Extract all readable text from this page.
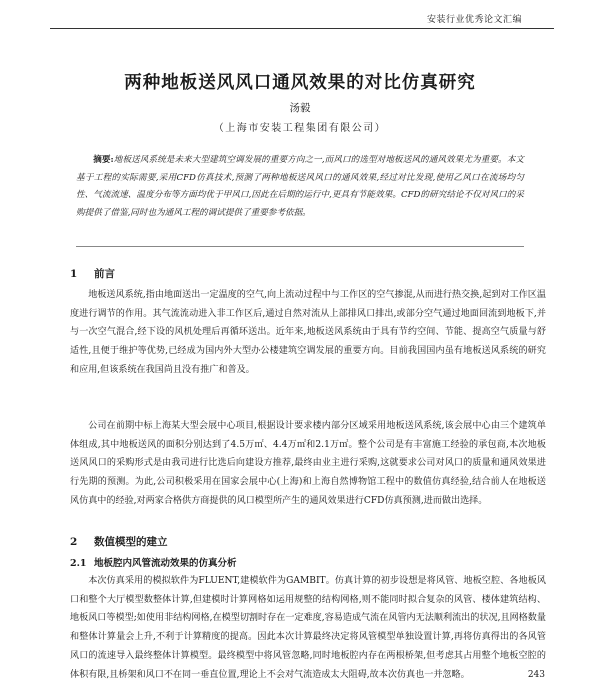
安装行业优秀论文汇编
两种地板送风风口通风效果的对比仿真研究
汤毅
（上海市安装工程集团有限公司）
摘要:地板送风系统是未来大型建筑空调发展的重要方向之一,而风口的选型对地板送风的通风效果尤为重要。本文基于工程的实际需要,采用CFD仿真技术,预测了两种地板送风风口的通风效果,经过对比发现,使用乙风口在流场均匀性、气流流速、温度分布等方面均优于甲风口,因此在后期的运行中,更具有节能效果。CFD的研究结论不仅对风口的采购提供了借鉴,同时也为通风工程的调试提供了重要参考依据。
1 前言

地板送风系统,指由地面送出一定温度的空气,向上流动过程中与工作区的空气掺混,从而进行热交换,起到对工作区温度进行调节的作用。其气流流动进入非工作区后,通过自然对流从上部排风口排出,或部分空气通过地面回流到地板下,并与一次空气混合,经下设的风机处理后再循环送出。近年来,地板送风系统由于具有节约空间、节能、提高空气质量与舒适性,且便于维护等优势,已经成为国内外大型办公楼建筑空调发展的重要方向。目前我国国内虽有地板送风系统的研究和应用,但该系统在我国尚且没有推广和普及。

公司在前期中标上海某大型会展中心项目,根据设计要求楼内部分区域采用地板送风系统,该会展中心由三个建筑单体组成,其中地板送风的面积分别达到了4.5万㎡、4.4万㎡和2.1万㎡。整个公司是有丰富施工经验的承包商,本次地板送风风口的采购形式是由我司进行比选后向建设方推荐,最终由业主进行采购,这就要求公司对风口的质量和通风效果进行先期的预测。为此,公司积极采用在国家会展中心(上海)和上海自然博物馆工程中的数值仿真经验,结合前人在地板送风仿真中的经验,对两家合格供方商提供的风口模型所产生的通风效果进行CFD仿真预测,进而做出选择。

2 数值模型的建立
2.1 地板腔内风管流动效果的仿真分析

本次仿真采用的模拟软件为FLUENT,建模软件为GAMBIT。仿真计算的初步设想是将风管、地板空腔、各地板风口和整个大厅模型数整体计算,但建模时计算网格如运用规整的结构网格,则不能同时拟合复杂的风管、楼体建筑结构、地板风口等模型;如使用非结构网格,在模型切割时存在一定难度,容易造成气流在风管内无法顺利流出的状况,且网格数量和整体计算量会上升,不利于计算精度的提高。因此本次计算最终决定将风管模型单独设置计算,再将仿真得出的各风管风口的流速导入最终整体计算模型。最终模型中将风管忽略,同时地板腔内存在两根桥架,但考虑其占用整个地板空腔的体积有限,且桥架和风口不在同一垂直位置,理论上不会对气流造成太大阻碍,故本次仿真也一并忽略。	243
